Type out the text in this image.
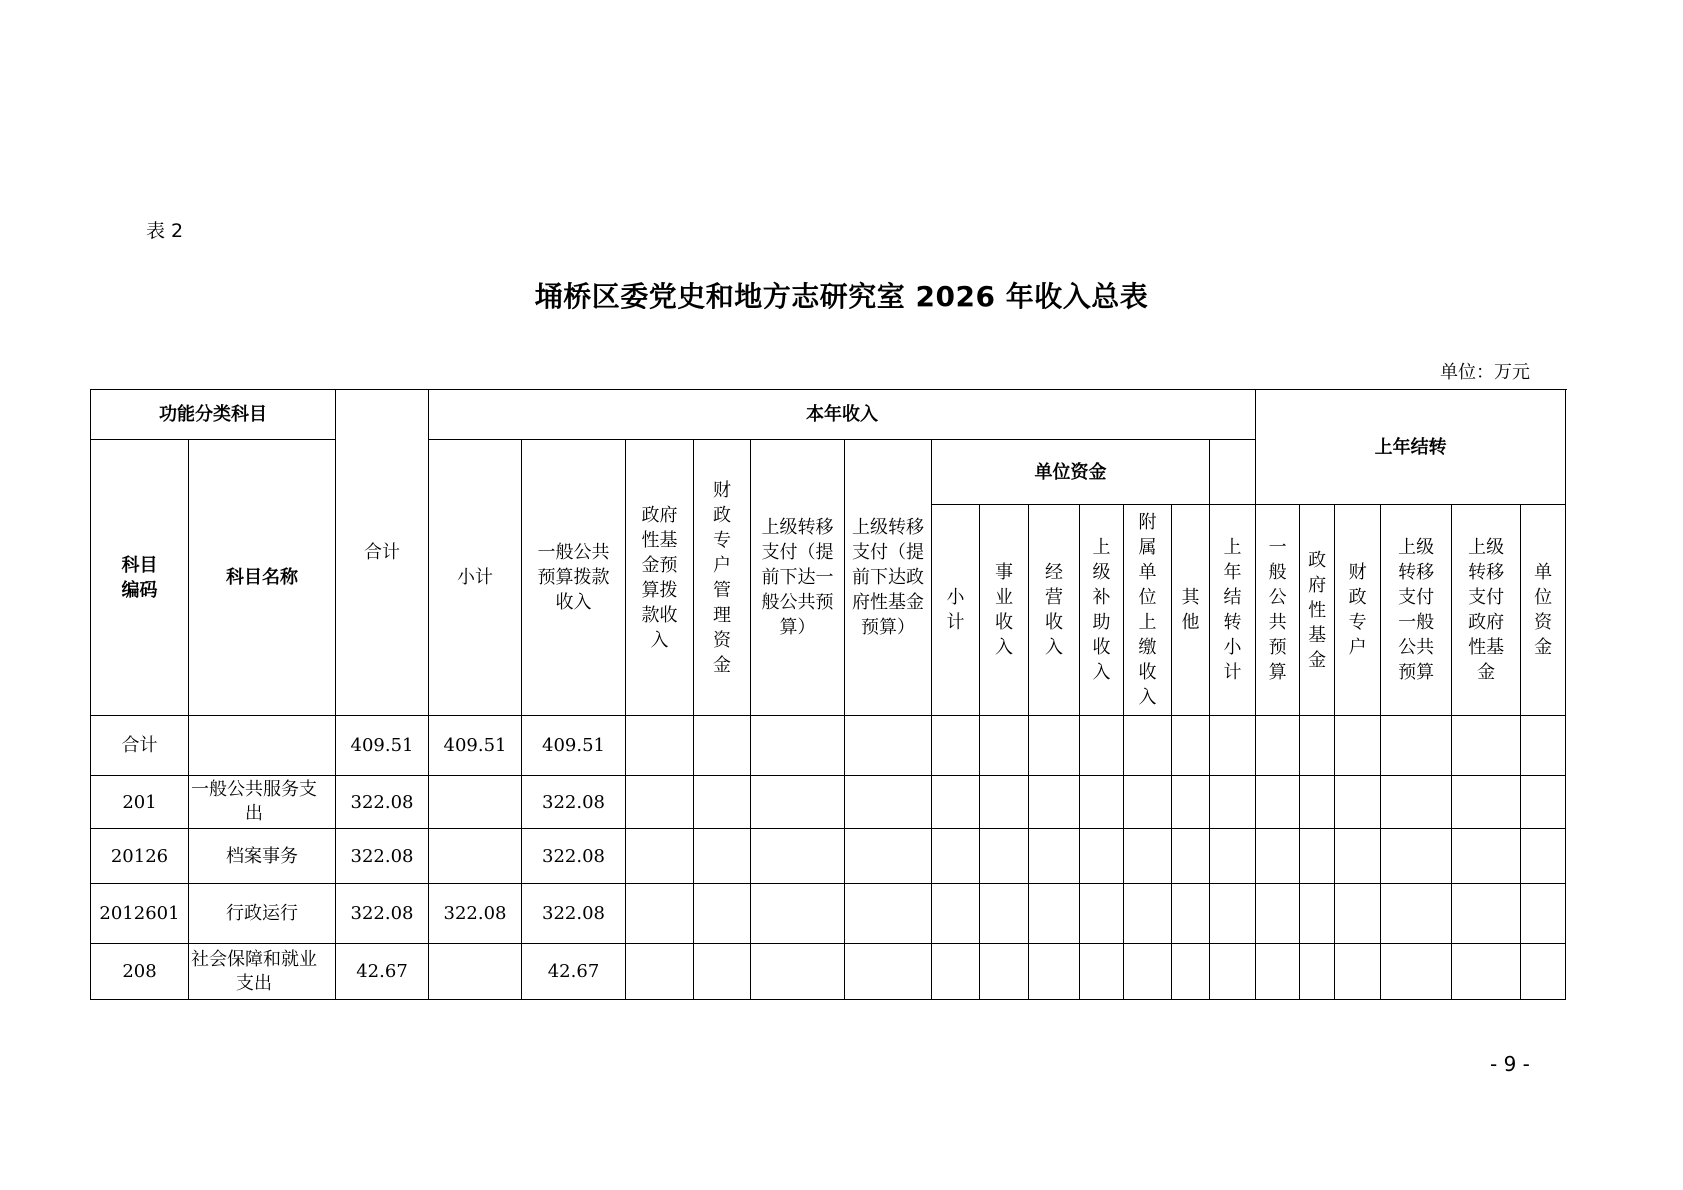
表 2
埇桥区委党史和地方志研究室 2026 年收入总表
单位：万元
功能分类科目		合计	本年收入													上年结转					

科目编码	科目名称		小计	一般公共预算拨款收入	政府性基金预算拨款收入	财政专户管理资金	上级转移支付（提前下达一般公共预算）	上级转移支付（提前下达政府性基金预算）	单位资金												

									小计	事业收入	经营收入	上级补助收入	附属单位上缴收入	其他	上年结转小计	一般公共预算	政府性基金	财政专户	上级转移支付一般公共预算	上级转移支付政府性基金	单位资金

合计		409.51	409.51	409.51																	
201	一般公共服务支出	322.08		322.08																	
20126	档案事务	322.08		322.08																	
2012601	行政运行	322.08	322.08	322.08																	
208	社会保障和就业支出	42.67		42.67																	
- 9 -
